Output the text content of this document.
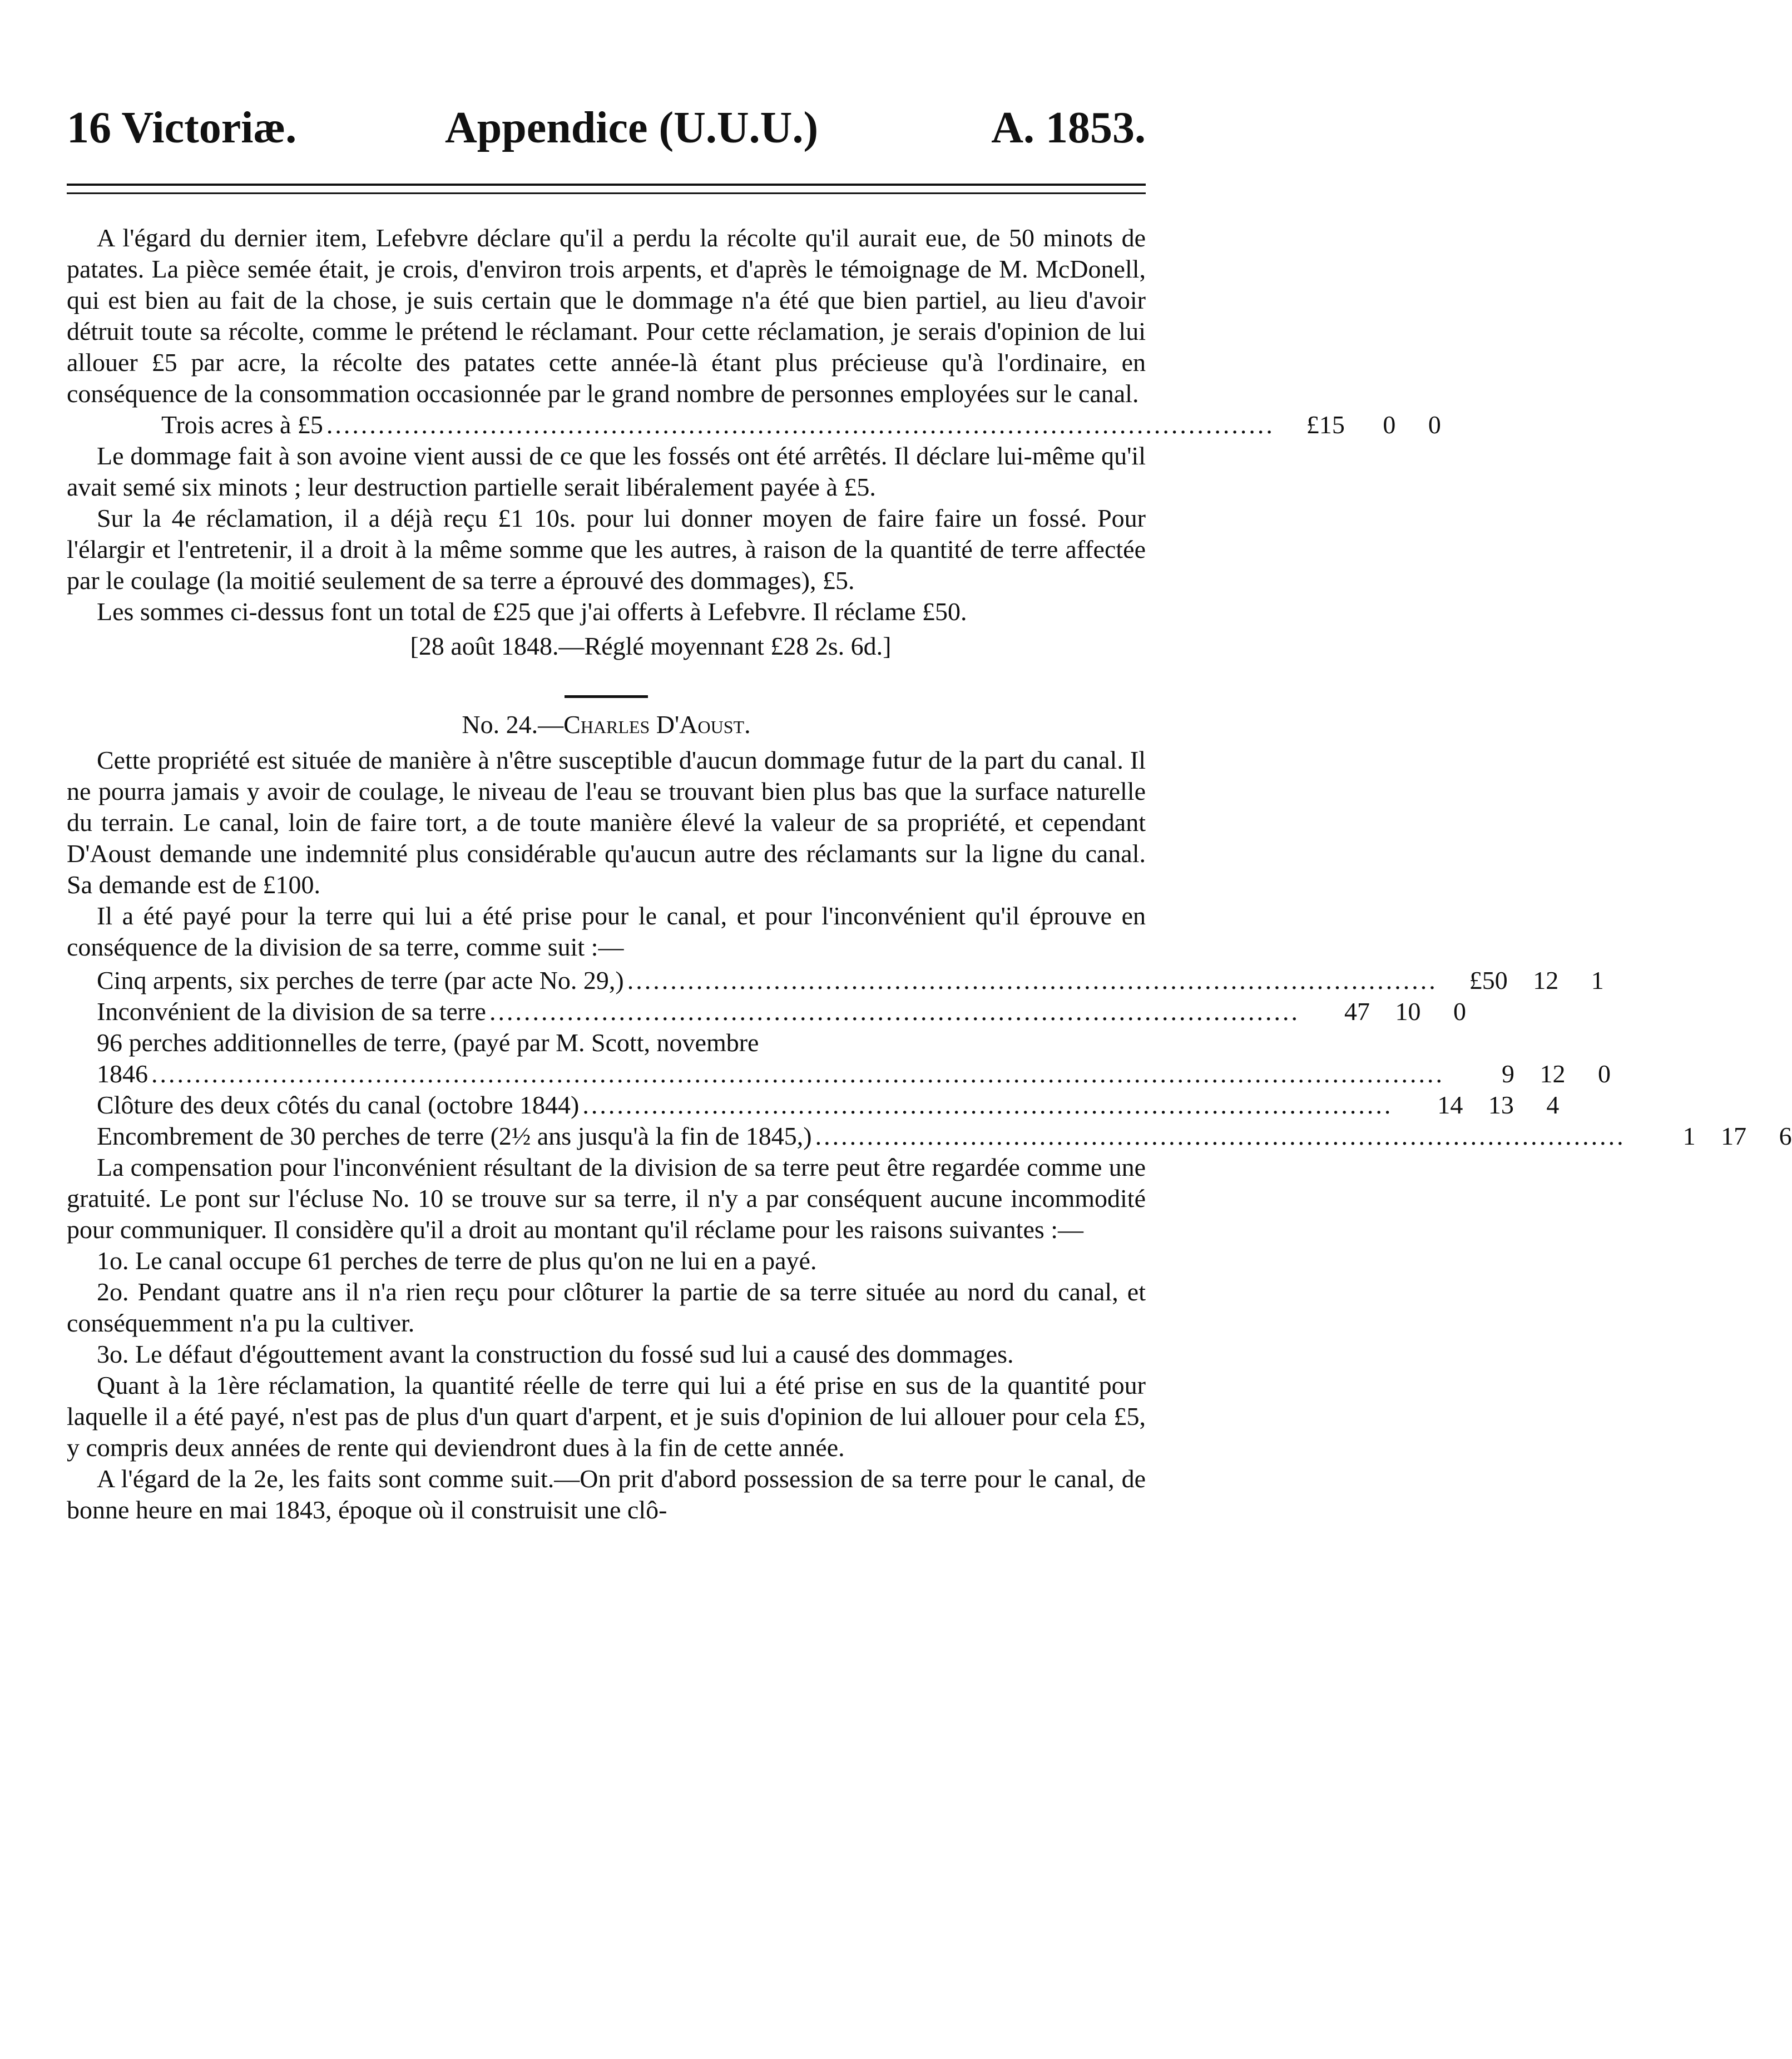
16 Victoriæ.	Appendice (U.U.U.)	A. 1853.

A l'égard du dernier item, Lefebvre déclare qu'il a perdu la récolte qu'il aurait eue, de 50 minots de patates. La pièce semée était, je crois, d'environ trois arpents, et d'après le témoignage de M. McDonell, qui est bien au fait de la chose, je suis certain que le dommage n'a été que bien partiel, au lieu d'avoir détruit toute sa récolte, comme le prétend le réclamant. Pour cette réclamation, je serais d'opinion de lui allouer £5 par acre, la récolte des patates cette année-là étant plus précieuse qu'à l'ordinaire, en conséquence de la consommation occasionnée par le grand nombre de personnes employées sur le canal.

Trois acres à £5 ..............................................................................................................	£15 0 0

Le dommage fait à son avoine vient aussi de ce que les fossés ont été arrêtés. Il déclare lui-même qu'il avait semé six minots ; leur destruction partielle serait libéralement payée à £5.

Sur la 4e réclamation, il a déjà reçu £1 10s. pour lui donner moyen de faire faire un fossé. Pour l'élargir et l'entretenir, il a droit à la même somme que les autres, à raison de la quantité de terre affectée par le coulage (la moitié seulement de sa terre a éprouvé des dommages), £5.

Les sommes ci-dessus font un total de £25 que j'ai offerts à Lefebvre. Il réclame £50.

[28 août 1848.—Réglé moyennant £28 2s. 6d.]
No. 24.—Charles D'Aoust.

Cette propriété est située de manière à n'être susceptible d'aucun dommage futur de la part du canal. Il ne pourra jamais y avoir de coulage, le niveau de l'eau se trouvant bien plus bas que la surface naturelle du terrain. Le canal, loin de faire tort, a de toute manière élevé la valeur de sa propriété, et cependant D'Aoust demande une indemnité plus considérable qu'aucun autre des réclamants sur la ligne du canal. Sa demande est de £100.

Il a été payé pour la terre qui lui a été prise pour le canal, et pour l'inconvénient qu'il éprouve en conséquence de la division de sa terre, comme suit :—

Cinq arpents, six perches de terre (par acte No. 29,) ..............................................................................................	£50 12 1
Inconvénient de la division de sa terre ..............................................................................................	47 10 0
96 perches additionnelles de terre, (payé par M. Scott, novembre
1846 ......................................................................................................................................................	9 12 0
Clôture des deux côtés du canal (octobre 1844) ..............................................................................................	14 13 4
Encombrement de 30 perches de terre (2½ ans jusqu'à la fin de 1845,) ..............................................................................................	1 17 6

La compensation pour l'inconvénient résultant de la division de sa terre peut être regardée comme une gratuité. Le pont sur l'écluse No. 10 se trouve sur sa terre, il n'y a par conséquent aucune incommodité pour communiquer. Il considère qu'il a droit au montant qu'il réclame pour les raisons suivantes :—

1o. Le canal occupe 61 perches de terre de plus qu'on ne lui en a payé.

2o. Pendant quatre ans il n'a rien reçu pour clôturer la partie de sa terre située au nord du canal, et conséquemment n'a pu la cultiver.

3o. Le défaut d'égouttement avant la construction du fossé sud lui a causé des dommages.

Quant à la 1ère réclamation, la quantité réelle de terre qui lui a été prise en sus de la quantité pour laquelle il a été payé, n'est pas de plus d'un quart d'arpent, et je suis d'opinion de lui allouer pour cela £5, y compris deux années de rente qui deviendront dues à la fin de cette année.

A l'égard de la 2e, les faits sont comme suit.—On prit d'abord possession de sa terre pour le canal, de bonne heure en mai 1843, époque où il construisit une clô-
